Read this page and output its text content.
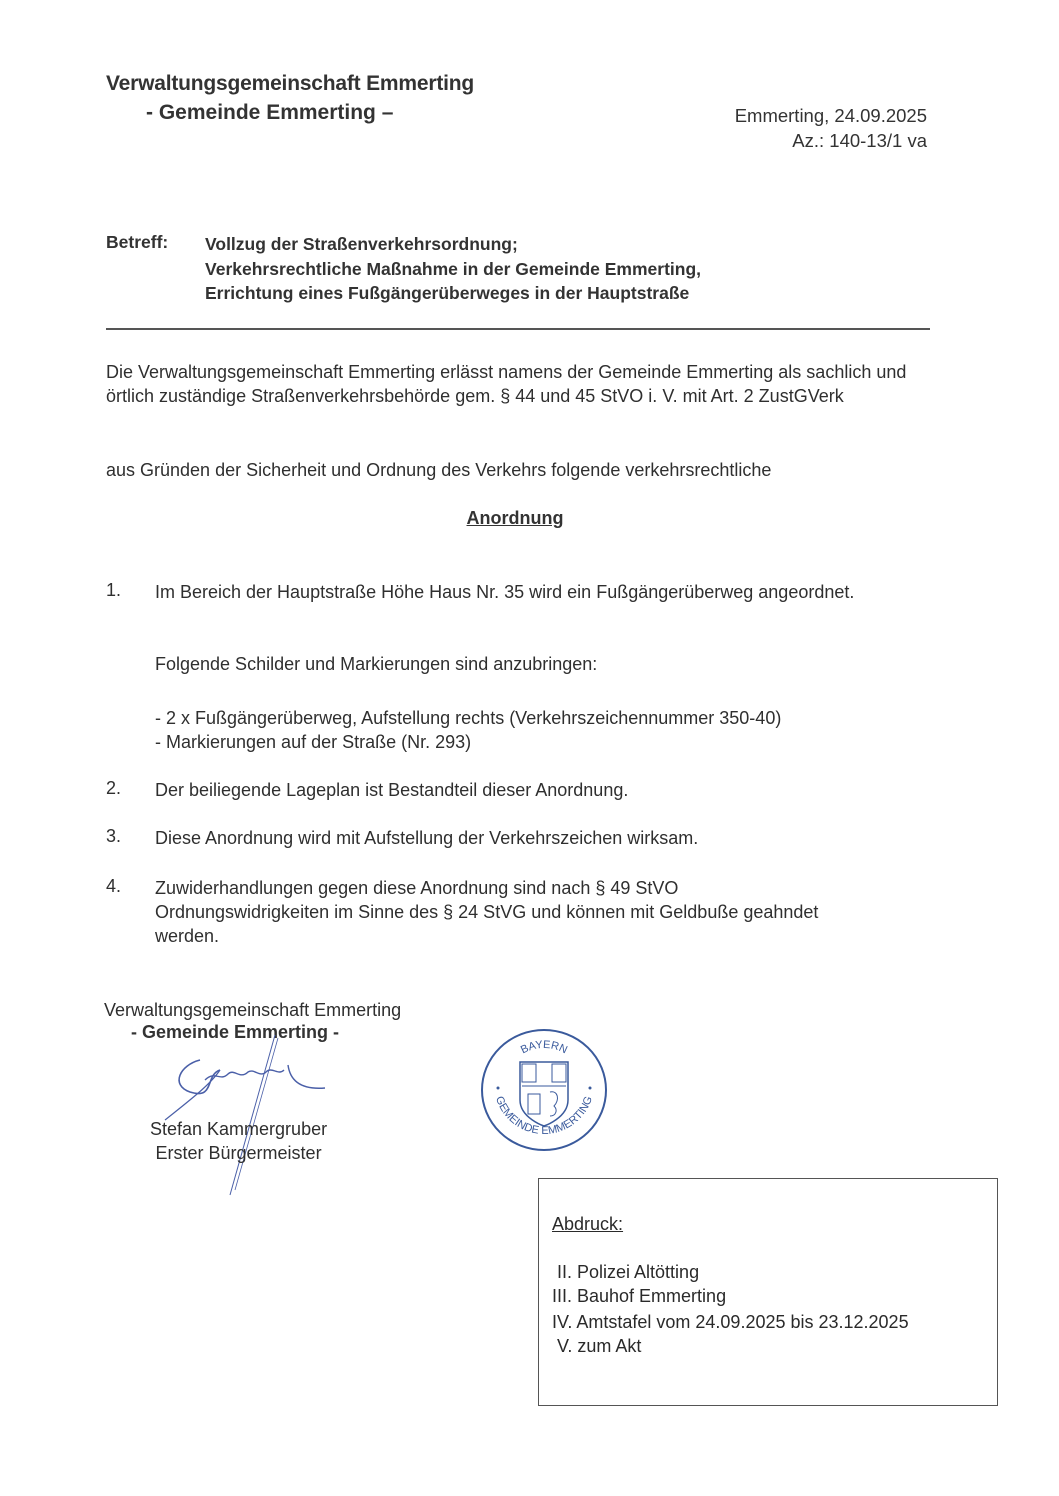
Verwaltungsgemeinschaft Emmerting
- Gemeinde Emmerting –	Emmerting, 24.09.2025
Az.: 140-13/1 va
Betreff: Vollzug der Straßenverkehrsordnung;
Verkehrsrechtliche Maßnahme in der Gemeinde Emmerting,
Errichtung eines Fußgängerüberweges in der Hauptstraße
Die Verwaltungsgemeinschaft Emmerting erlässt namens der Gemeinde Emmerting als sachlich und örtlich zuständige Straßenverkehrsbehörde gem. § 44 und 45 StVO i. V. mit Art. 2 ZustGVerk
aus Gründen der Sicherheit und Ordnung des Verkehrs folgende verkehrsrechtliche
Anordnung
1. Im Bereich der Hauptstraße Höhe Haus Nr. 35 wird ein Fußgängerüberweg angeordnet.
Folgende Schilder und Markierungen sind anzubringen:
- 2 x Fußgängerüberweg, Aufstellung rechts (Verkehrszeichennummer 350-40)
- Markierungen auf der Straße (Nr. 293)
2. Der beiliegende Lageplan ist Bestandteil dieser Anordnung.
3. Diese Anordnung wird mit Aufstellung der Verkehrszeichen wirksam.
4. Zuwiderhandlungen gegen diese Anordnung sind nach § 49 StVO Ordnungswidrigkeiten im Sinne des § 24 StVG und können mit Geldbuße geahndet werden.
Verwaltungsgemeinschaft Emmerting
- Gemeinde Emmerting -
Stefan Kammergruber
Erster Bürgermeister
BAYERN
GEMEINDE EMMERTING
Abdruck:
II. Polizei Altötting
III. Bauhof Emmerting
IV. Amtstafel vom 24.09.2025 bis 23.12.2025
V. zum Akt
